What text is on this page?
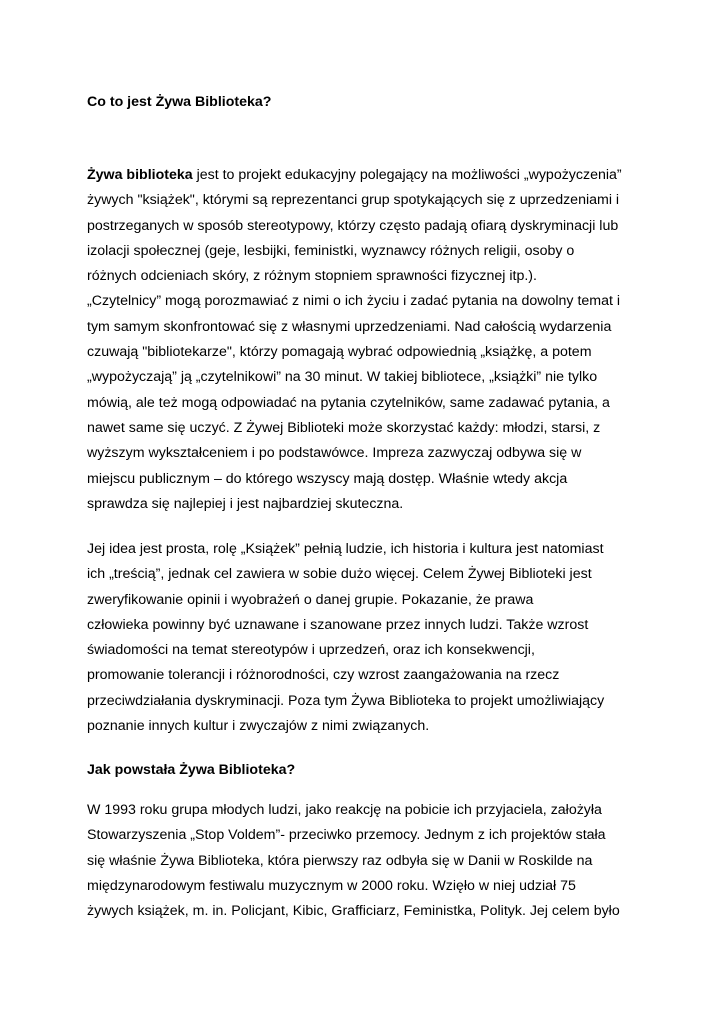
Co to jest Żywa Biblioteka?
Żywa biblioteka jest to projekt edukacyjny polegający na możliwości „wypożyczenia”
żywych "książek", którymi są reprezentanci grup spotykających się z uprzedzeniami i
postrzeganych w sposób stereotypowy, którzy często padają ofiarą dyskryminacji lub
izolacji społecznej (geje, lesbijki, feministki, wyznawcy różnych religii, osoby o
różnych odcieniach skóry, z różnym stopniem sprawności fizycznej itp.).
„Czytelnicy” mogą porozmawiać z nimi o ich życiu i zadać pytania na dowolny temat i
tym samym skonfrontować się z własnymi uprzedzeniami. Nad całością wydarzenia
czuwają "bibliotekarze", którzy pomagają wybrać odpowiednią „książkę, a potem
„wypożyczają” ją „czytelnikowi” na 30 minut. W takiej bibliotece, „książki” nie tylko
mówią, ale też mogą odpowiadać na pytania czytelników, same zadawać pytania, a
nawet same się uczyć. Z Żywej Biblioteki może skorzystać każdy: młodzi, starsi, z
wyższym wykształceniem i po podstawówce. Impreza zazwyczaj odbywa się w
miejscu publicznym – do którego wszyscy mają dostęp. Właśnie wtedy akcja
sprawdza się najlepiej i jest najbardziej skuteczna.
Jej idea jest prosta, rolę „Książek” pełnią ludzie, ich historia i kultura jest natomiast
ich „treścią”, jednak cel zawiera w sobie dużo więcej. Celem Żywej Biblioteki jest
zweryfikowanie opinii i wyobrażeń o danej grupie. Pokazanie, że prawa
człowieka powinny być uznawane i szanowane przez innych ludzi. Także wzrost
świadomości na temat stereotypów i uprzedzeń, oraz ich konsekwencji,
promowanie tolerancji i różnorodności, czy wzrost zaangażowania na rzecz
przeciwdziałania dyskryminacji. Poza tym Żywa Biblioteka to projekt umożliwiający
poznanie innych kultur i zwyczajów z nimi związanych.
Jak powstała Żywa Biblioteka?
W 1993 roku grupa młodych ludzi, jako reakcję na pobicie ich przyjaciela, założyła
Stowarzyszenia „Stop Voldem”- przeciwko przemocy. Jednym z ich projektów stała
się właśnie Żywa Biblioteka, która pierwszy raz odbyła się w Danii w Roskilde na
międzynarodowym festiwalu muzycznym w 2000 roku. Wzięło w niej udział 75
żywych książek, m. in. Policjant, Kibic, Grafficiarz, Feministka, Polityk. Jej celem było
